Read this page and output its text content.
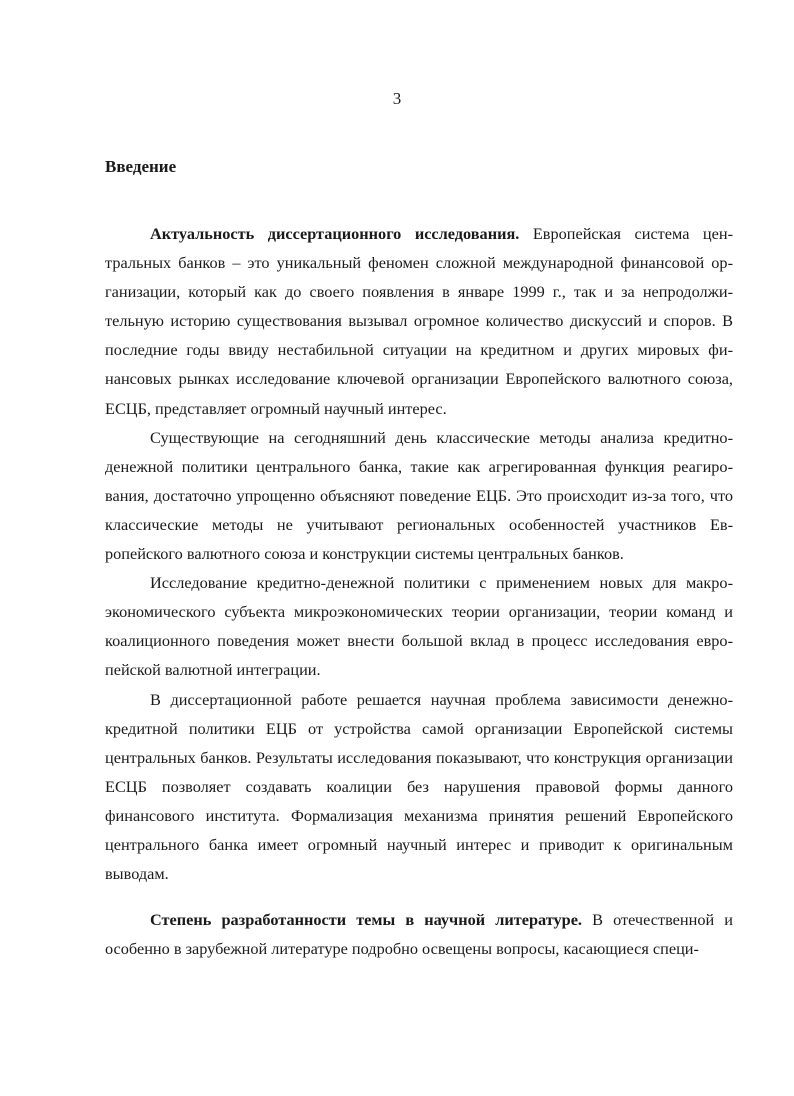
3
Введение

Актуальность диссертационного исследования. Европейская система центральных банков – это уникальный феномен сложной международной финансовой организации, который как до своего появления в январе 1999 г., так и за непродолжительную историю существования вызывал огромное количество дискуссий и споров. В последние годы ввиду нестабильной ситуации на кредитном и других мировых финансовых рынках исследование ключевой организации Европейского валютного союза, ЕСЦБ, представляет огромный научный интерес.

Существующие на сегодняшний день классические методы анализа кредитно-денежной политики центрального банка, такие как агрегированная функция реагирования, достаточно упрощенно объясняют поведение ЕЦБ. Это происходит из-за того, что классические методы не учитывают региональных особенностей участников Европейского валютного союза и конструкции системы центральных банков.

Исследование кредитно-денежной политики с применением новых для макроэкономического субъекта микроэкономических теории организации, теории команд и коалиционного поведения может внести большой вклад в процесс исследования европейской валютной интеграции.

В диссертационной работе решается научная проблема зависимости денежно-кредитной политики ЕЦБ от устройства самой организации Европейской системы центральных банков. Результаты исследования показывают, что конструкция организации ЕСЦБ позволяет создавать коалиции без нарушения правовой формы данного финансового института. Формализация механизма принятия решений Европейского центрального банка имеет огромный научный интерес и приводит к оригинальным выводам.

Степень разработанности темы в научной литературе. В отечественной и особенно в зарубежной литературе подробно освещены вопросы, касающиеся специ-
